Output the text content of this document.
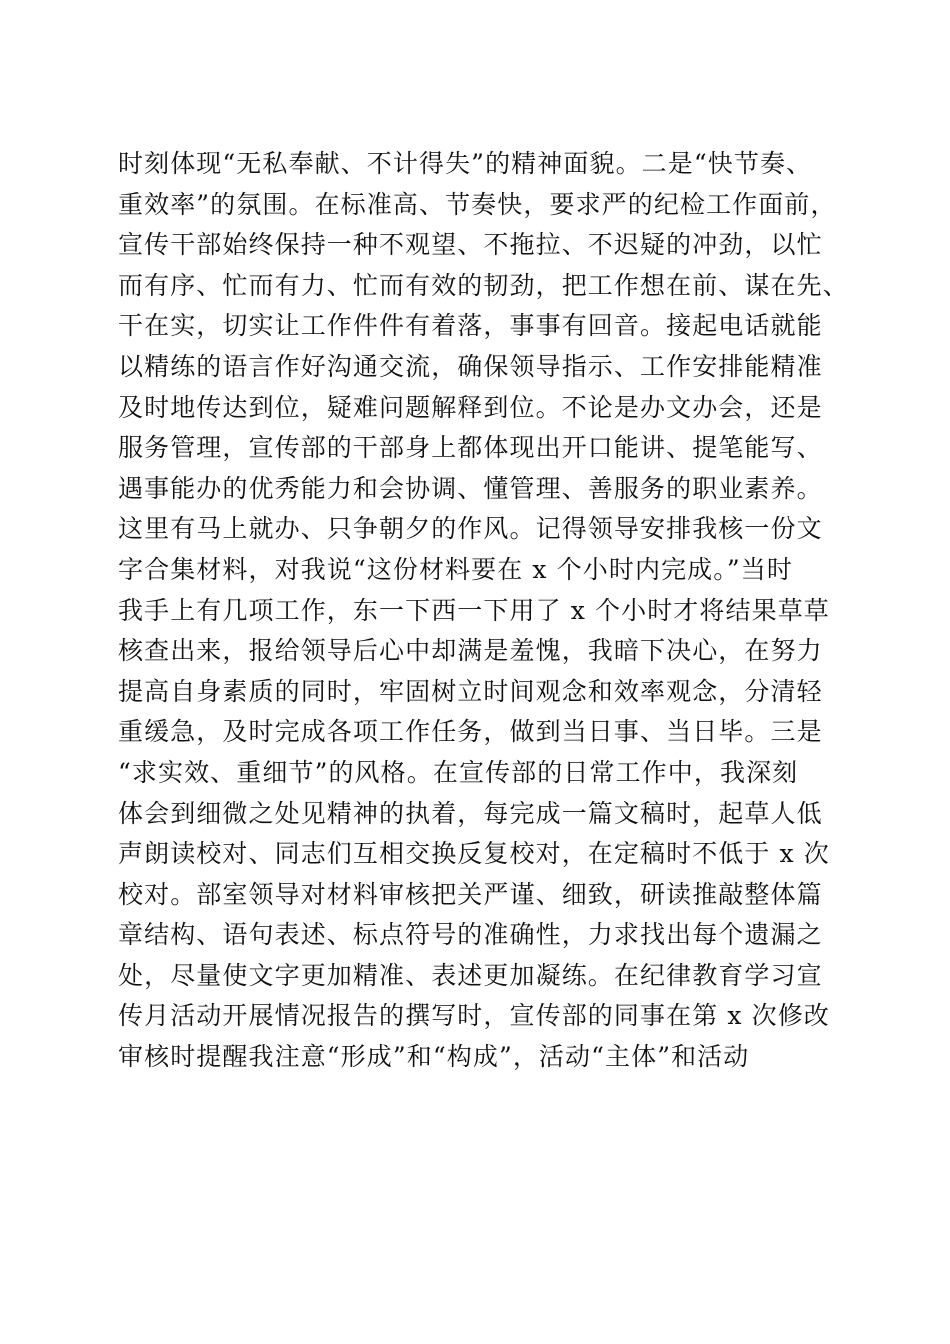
时刻体现“无私奉献、不计得失”的精神面貌。二是“快节奏、
重效率”的氛围。在标准高、节奏快，要求严的纪检工作面前，
宣传干部始终保持一种不观望、不拖拉、不迟疑的冲劲，以忙
而有序、忙而有力、忙而有效的韧劲，把工作想在前、谋在先、
干在实，切实让工作件件有着落，事事有回音。接起电话就能
以精练的语言作好沟通交流，确保领导指示、工作安排能精准
及时地传达到位，疑难问题解释到位。不论是办文办会，还是
服务管理，宣传部的干部身上都体现出开口能讲、提笔能写、
遇事能办的优秀能力和会协调、懂管理、善服务的职业素养。
这里有马上就办、只争朝夕的作风。记得领导安排我核一份文
字合集材料，对我说“这份材料要在 x 个小时内完成。”当时
我手上有几项工作，东一下西一下用了 x 个小时才将结果草草
核查出来，报给领导后心中却满是羞愧，我暗下决心，在努力
提高自身素质的同时，牢固树立时间观念和效率观念，分清轻
重缓急，及时完成各项工作任务，做到当日事、当日毕。三是
“求实效、重细节”的风格。在宣传部的日常工作中，我深刻
体会到细微之处见精神的执着，每完成一篇文稿时，起草人低
声朗读校对、同志们互相交换反复校对，在定稿时不低于 x 次
校对。部室领导对材料审核把关严谨、细致，研读推敲整体篇
章结构、语句表述、标点符号的准确性，力求找出每个遗漏之
处，尽量使文字更加精准、表述更加凝练。在纪律教育学习宣
传月活动开展情况报告的撰写时，宣传部的同事在第 x 次修改
审核时提醒我注意“形成”和“构成”，活动“主体”和活动
